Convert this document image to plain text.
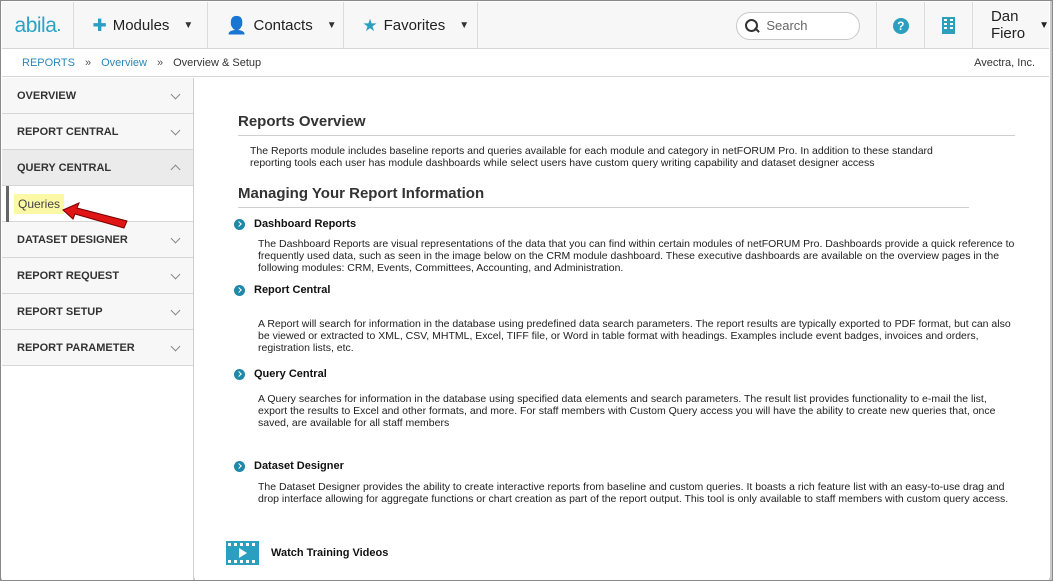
abila . ✚ Modules ▼ 👤 Contacts ▼ ★ Favorites ▼
Search	?
Dan Fiero ▼
REPORTS » Overview » Overview & Setup	Avectra, Inc.
OVERVIEW
REPORT CENTRAL
QUERY CENTRAL
Queries
DATASET DESIGNER
REPORT REQUEST
REPORT SETUP
REPORT PARAMETER
Reports Overview

The Reports module includes baseline reports and queries available for each module and category in netFORUM Pro. In addition to these standard reporting tools each user has module dashboards while select users have custom query writing capability and dataset designer access

Managing Your Report Information
Dashboard Reports

The Dashboard Reports are visual representations of the data that you can find within certain modules of netFORUM Pro. Dashboards provide a quick reference to frequently used data, such as seen in the image below on the CRM module dashboard. These executive dashboards are available on the overview pages in the following modules: CRM, Events, Committees, Accounting, and Administration.

Report Central

A Report will search for information in the database using predefined data search parameters. The report results are typically exported to PDF format, but can also be viewed or extracted to XML, CSV, MHTML, Excel, TIFF file, or Word in table format with headings. Examples include event badges, invoices and orders, registration lists, etc.

Query Central

A Query searches for information in the database using specified data elements and search parameters. The result list provides functionality to e-mail the list, export the results to Excel and other formats, and more. For staff members with Custom Query access you will have the ability to create new queries that, once saved, are available for all staff members

Dataset Designer

The Dataset Designer provides the ability to create interactive reports from baseline and custom queries. It boasts a rich feature list with an easy-to-use drag and drop interface allowing for aggregate functions or chart creation as part of the report output. This tool is only available to staff members with custom query access.

Watch Training Videos
